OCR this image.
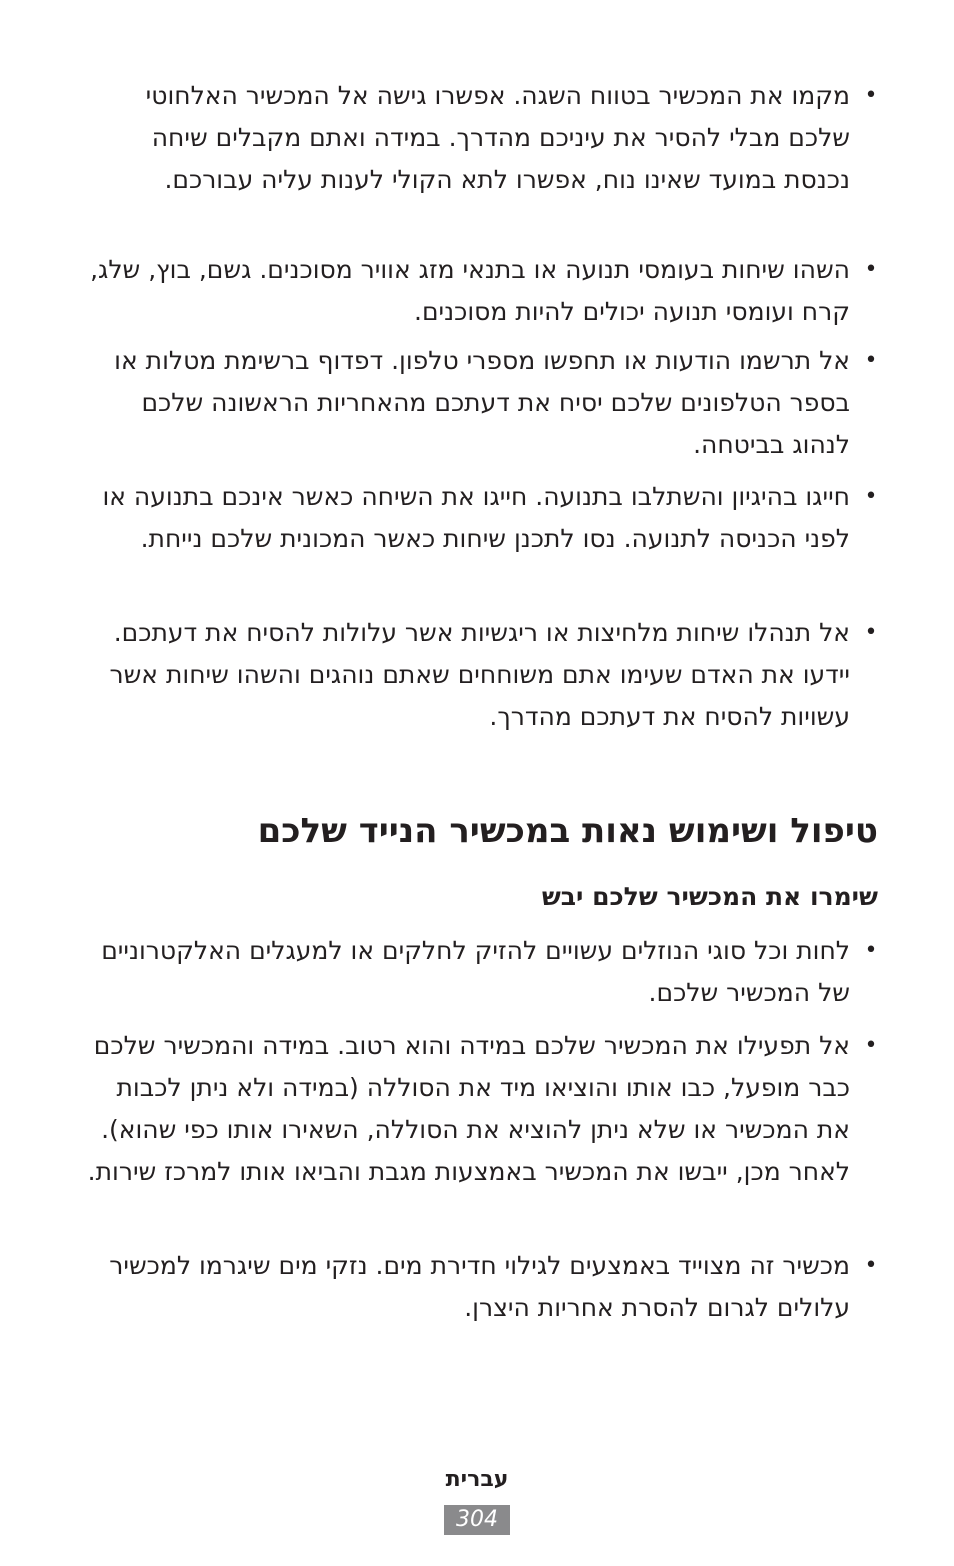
•
מקמו את המכשיר בטווח השגה. אפשרו גישה אל המכשיר האלחוטי שלכם מבלי להסיר את עיניכם מהדרך. במידה ואתם מקבלים שיחה נכנסת במועד שאינו נוח, אפשרו לתא הקולי לענות עליה עבורכם.
•
השהו שיחות בעומסי תנועה או בתנאי מזג אוויר מסוכנים. גשם, בוץ, שלג, קרח ועומסי תנועה יכולים להיות מסוכנים.
•
אל תרשמו הודעות או תחפשו מספרי טלפון. דפדוף ברשימת מטלות או בספר הטלפונים שלכם יסיח את דעתכם מהאחריות הראשונה שלכם לנהוג בביטחה.
•
חייגו בהיגיון והשתלבו בתנועה. חייגו את השיחה כאשר אינכם בתנועה או לפני הכניסה לתנועה. נסו לתכנן שיחות כאשר המכונית שלכם נייחת.
•
אל תנהלו שיחות מלחיצות או ריגשיות אשר עלולות להסיח את דעתכם. יידעו את האדם שעימו אתם משוחחים שאתם נוהגים והשהו שיחות אשר עשויות להסיח את דעתכם מהדרך.
טיפול ושימוש נאות במכשיר הנייד שלכם
שימרו את המכשיר שלכם יבש
•
לחות וכל סוגי הנוזלים עשויים להזיק לחלקים או למעגלים האלקטרוניים של המכשיר שלכם.
•
אל תפעילו את המכשיר שלכם במידה והוא רטוב. במידה והמכשיר שלכם כבר מופעל, כבו אותו והוציאו מיד את הסוללה (במידה ולא ניתן לכבות את המכשיר או שלא ניתן להוציא את הסוללה, השאירו אותו כפי שהוא). לאחר מכן, ייבשו את המכשיר באמצעות מגבת והביאו אותו למרכז שירות.
•
מכשיר זה מצוייד באמצעים לגילוי חדירת מים. נזקי מים שיגרמו למכשיר עלולים לגרום להסרת אחריות היצרן.
עברית
304
